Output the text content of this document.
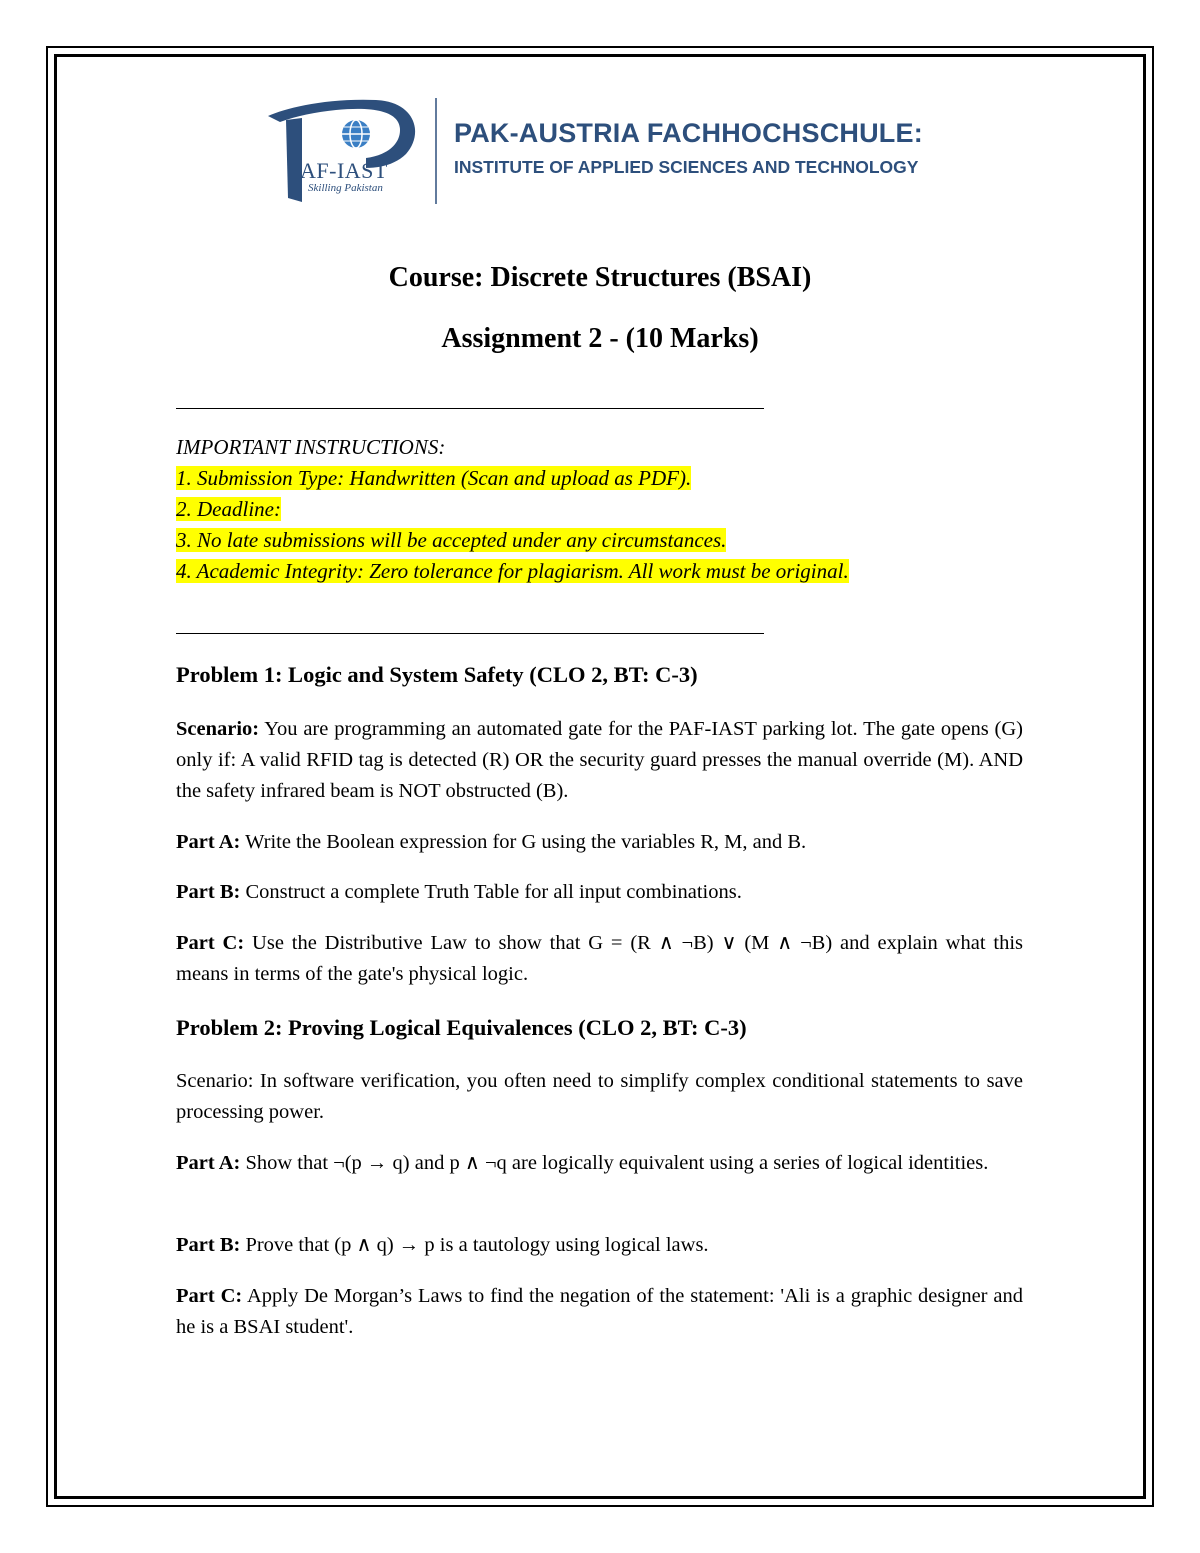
AF-IAST
Skilling Pakistan
PAK-AUSTRIA FACHHOCHSCHULE:
INSTITUTE OF APPLIED SCIENCES AND TECHNOLOGY
Course: Discrete Structures (BSAI)
Assignment 2 - (10 Marks)
IMPORTANT INSTRUCTIONS:
1. Submission Type: Handwritten (Scan and upload as PDF).
2. Deadline:
3. No late submissions will be accepted under any circumstances.
4. Academic Integrity: Zero tolerance for plagiarism. All work must be original.
Problem 1: Logic and System Safety (CLO 2, BT: C-3)
Scenario: You are programming an automated gate for the PAF-IAST parking lot. The gate opens (G) only if: A valid RFID tag is detected (R) OR the security guard presses the manual override (M). AND the safety infrared beam is NOT obstructed (B).
Part A: Write the Boolean expression for G using the variables R, M, and B.
Part B: Construct a complete Truth Table for all input combinations.
Part C: Use the Distributive Law to show that G = (R ∧ ¬B) ∨ (M ∧ ¬B) and explain what this means in terms of the gate's physical logic.
Problem 2: Proving Logical Equivalences (CLO 2, BT: C-3)
Scenario: In software verification, you often need to simplify complex conditional statements to save processing power.
Part A: Show that ¬(p → q) and p ∧ ¬q are logically equivalent using a series of logical identities.
Part B: Prove that (p ∧ q) → p is a tautology using logical laws.
Part C: Apply De Morgan’s Laws to find the negation of the statement: 'Ali is a graphic designer and he is a BSAI student'.
